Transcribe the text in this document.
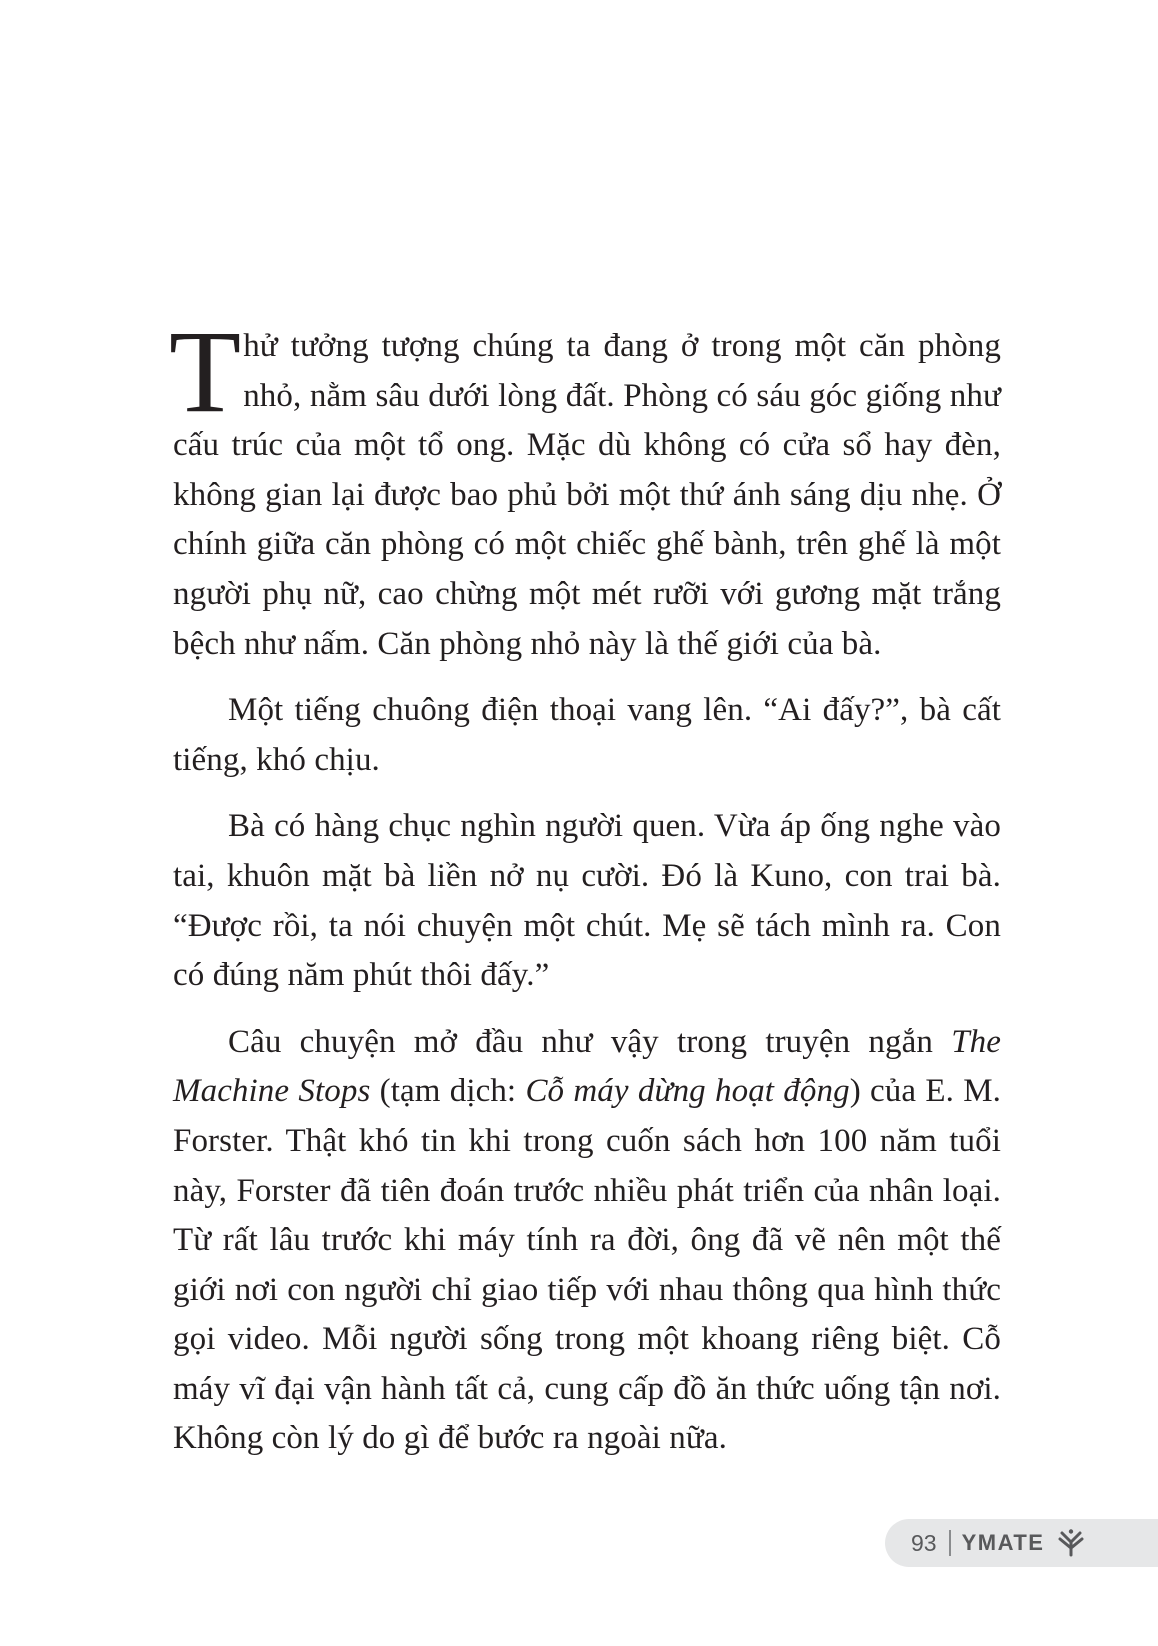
Thử tưởng tượng chúng ta đang ở trong một căn phòng nhỏ, nằm sâu dưới lòng đất. Phòng có sáu góc giống như cấu trúc của một tổ ong. Mặc dù không có cửa sổ hay đèn, không gian lại được bao phủ bởi một thứ ánh sáng dịu nhẹ. Ở chính giữa căn phòng có một chiếc ghế bành, trên ghế là một người phụ nữ, cao chừng một mét rưỡi với gương mặt trắng bệch như nấm. Căn phòng nhỏ này là thế giới của bà.

Một tiếng chuông điện thoại vang lên. “Ai đấy?”, bà cất tiếng, khó chịu.

Bà có hàng chục nghìn người quen. Vừa áp ống nghe vào tai, khuôn mặt bà liền nở nụ cười. Đó là Kuno, con trai bà. “Được rồi, ta nói chuyện một chút. Mẹ sẽ tách mình ra. Con có đúng năm phút thôi đấy.”

Câu chuyện mở đầu như vậy trong truyện ngắn The Machine Stops (tạm dịch: Cỗ máy dừng hoạt động) của E. M. Forster. Thật khó tin khi trong cuốn sách hơn 100 năm tuổi này, Forster đã tiên đoán trước nhiều phát triển của nhân loại. Từ rất lâu trước khi máy tính ra đời, ông đã vẽ nên một thế giới nơi con người chỉ giao tiếp với nhau thông qua hình thức gọi video. Mỗi người sống trong một khoang riêng biệt. Cỗ máy vĩ đại vận hành tất cả, cung cấp đồ ăn thức uống tận nơi. Không còn lý do gì để bước ra ngoài nữa.

93 YMATE
